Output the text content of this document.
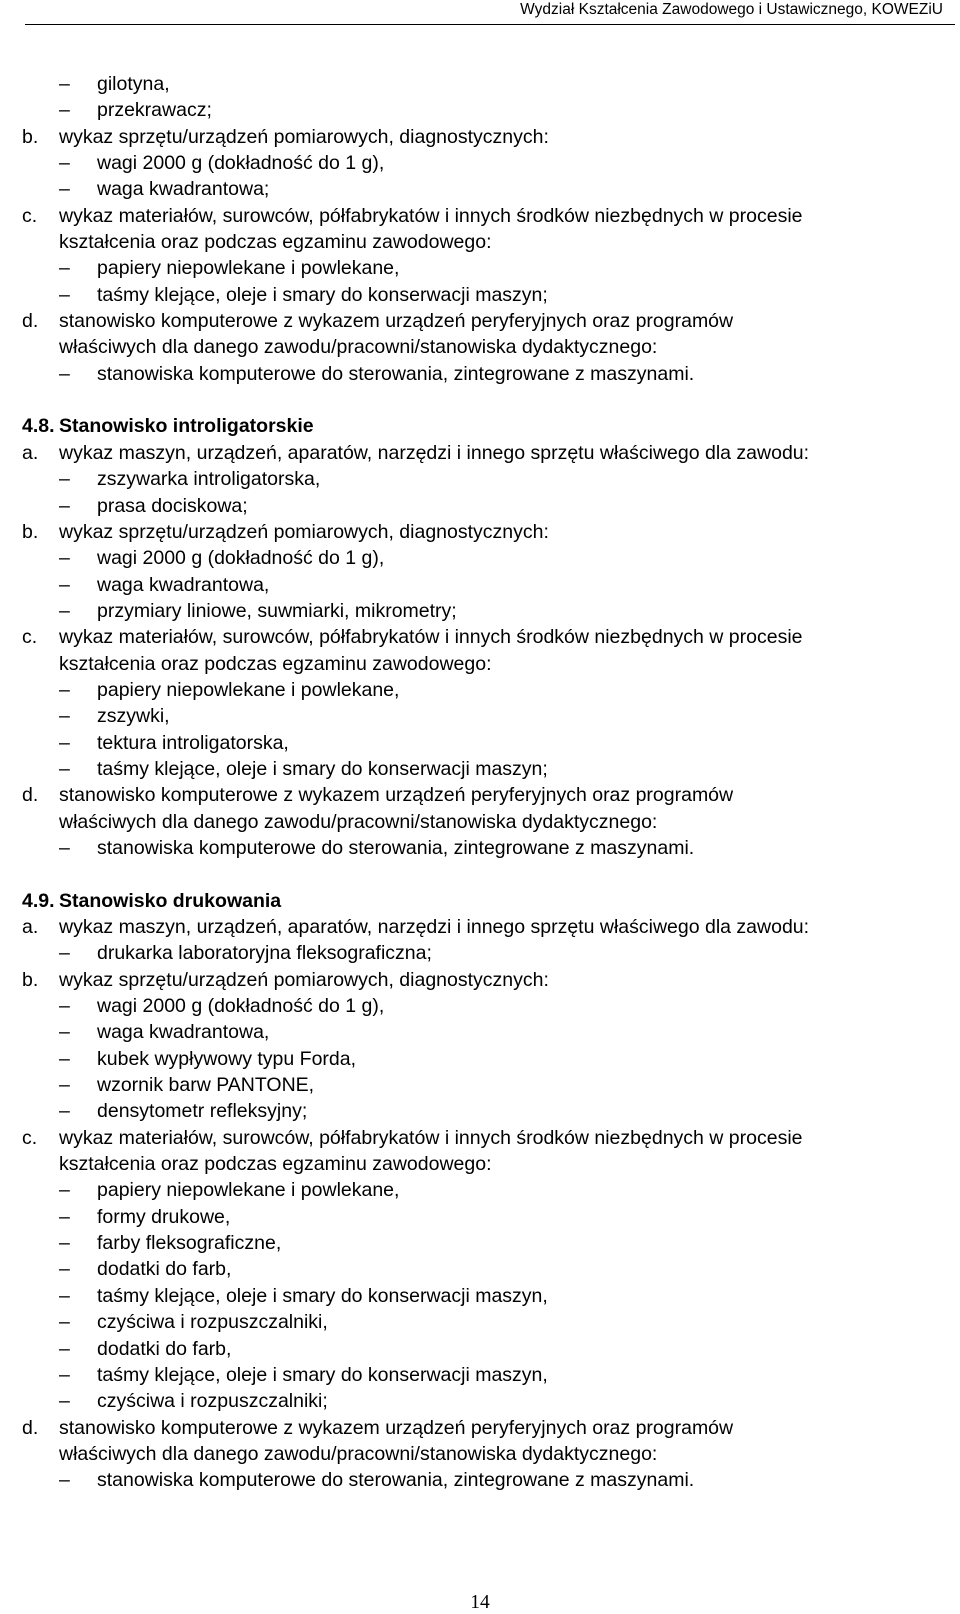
Wydział Kształcenia Zawodowego i Ustawicznego, KOWEZiU
– gilotyna,
– przekrawacz;
b. wykaz sprzętu/urządzeń pomiarowych, diagnostycznych:
– wagi 2000 g (dokładność do 1 g),
– waga kwadrantowa;
c. wykaz materiałów, surowców, półfabrykatów i innych środków niezbędnych w procesie
kształcenia oraz podczas egzaminu zawodowego:
– papiery niepowlekane i powlekane,
– taśmy klejące, oleje i smary do konserwacji maszyn;
d. stanowisko komputerowe z wykazem urządzeń peryferyjnych oraz programów
właściwych dla danego zawodu/pracowni/stanowiska dydaktycznego:
– stanowiska komputerowe do sterowania, zintegrowane z maszynami.
4.8. Stanowisko introligatorskie
a. wykaz maszyn, urządzeń, aparatów, narzędzi i innego sprzętu właściwego dla zawodu:
– zszywarka introligatorska,
– prasa dociskowa;
b. wykaz sprzętu/urządzeń pomiarowych, diagnostycznych:
– wagi 2000 g (dokładność do 1 g),
– waga kwadrantowa,
– przymiary liniowe, suwmiarki, mikrometry;
c. wykaz materiałów, surowców, półfabrykatów i innych środków niezbędnych w procesie
kształcenia oraz podczas egzaminu zawodowego:
– papiery niepowlekane i powlekane,
– zszywki,
– tektura introligatorska,
– taśmy klejące, oleje i smary do konserwacji maszyn;
d. stanowisko komputerowe z wykazem urządzeń peryferyjnych oraz programów
właściwych dla danego zawodu/pracowni/stanowiska dydaktycznego:
– stanowiska komputerowe do sterowania, zintegrowane z maszynami.
4.9. Stanowisko drukowania
a. wykaz maszyn, urządzeń, aparatów, narzędzi i innego sprzętu właściwego dla zawodu:
– drukarka laboratoryjna fleksograficzna;
b. wykaz sprzętu/urządzeń pomiarowych, diagnostycznych:
– wagi 2000 g (dokładność do 1 g),
– waga kwadrantowa,
– kubek wypływowy typu Forda,
– wzornik barw PANTONE,
– densytometr refleksyjny;
c. wykaz materiałów, surowców, półfabrykatów i innych środków niezbędnych w procesie
kształcenia oraz podczas egzaminu zawodowego:
– papiery niepowlekane i powlekane,
– formy drukowe,
– farby fleksograficzne,
– dodatki do farb,
– taśmy klejące, oleje i smary do konserwacji maszyn,
– czyściwa i rozpuszczalniki,
– dodatki do farb,
– taśmy klejące, oleje i smary do konserwacji maszyn,
– czyściwa i rozpuszczalniki;
d. stanowisko komputerowe z wykazem urządzeń peryferyjnych oraz programów
właściwych dla danego zawodu/pracowni/stanowiska dydaktycznego:
– stanowiska komputerowe do sterowania, zintegrowane z maszynami.
14
